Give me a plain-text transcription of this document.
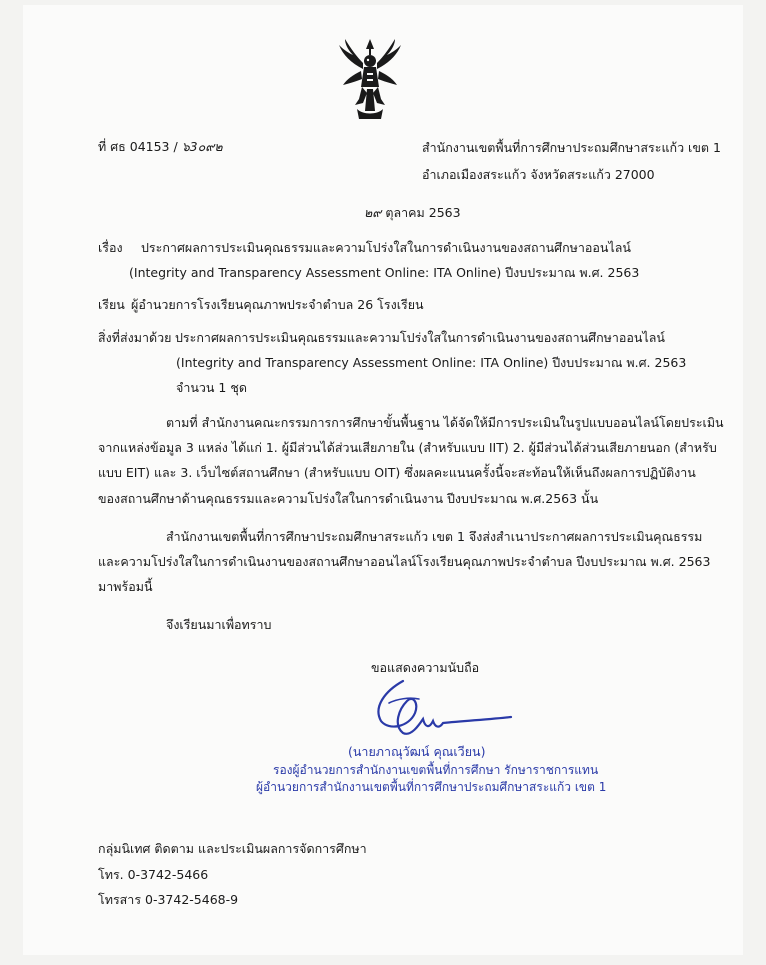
ที่ ศธ 04153 / ๖3๐๙๒	สำนักงานเขตพื้นที่การศึกษาประถมศึกษาสระแก้ว เขต 1
อำเภอเมืองสระแก้ว จังหวัดสระแก้ว 27000
๒๙ ตุลาคม 2563
เรื่อง ประกาศผลการประเมินคุณธรรมและความโปร่งใสในการดำเนินงานของสถานศึกษาออนไลน์
(Integrity and Transparency Assessment Online: ITA Online) ปีงบประมาณ พ.ศ. 2563
เรียน ผู้อำนวยการโรงเรียนคุณภาพประจำตำบล 26 โรงเรียน
สิ่งที่ส่งมาด้วย ประกาศผลการประเมินคุณธรรมและความโปร่งใสในการดำเนินงานของสถานศึกษาออนไลน์
(Integrity and Transparency Assessment Online: ITA Online) ปีงบประมาณ พ.ศ. 2563
จำนวน 1 ชุด
ตามที่ สำนักงานคณะกรรมการการศึกษาขั้นพื้นฐาน ได้จัดให้มีการประเมินในรูปแบบออนไลน์โดยประเมิน
จากแหล่งข้อมูล 3 แหล่ง ได้แก่ 1. ผู้มีส่วนได้ส่วนเสียภายใน (สำหรับแบบ IIT) 2. ผู้มีส่วนได้ส่วนเสียภายนอก (สำหรับ
แบบ EIT) และ 3. เว็บไซต์สถานศึกษา (สำหรับแบบ OIT) ซึ่งผลคะแนนครั้งนี้จะสะท้อนให้เห็นถึงผลการปฏิบัติงาน
ของสถานศึกษาด้านคุณธรรมและความโปร่งใสในการดำเนินงาน ปีงบประมาณ พ.ศ.2563 นั้น
สำนักงานเขตพื้นที่การศึกษาประถมศึกษาสระแก้ว เขต 1 จึงส่งสำเนาประกาศผลการประเมินคุณธรรม
และความโปร่งใสในการดำเนินงานของสถานศึกษาออนไลน์โรงเรียนคุณภาพประจำตำบล ปีงบประมาณ พ.ศ. 2563
มาพร้อมนี้
จึงเรียนมาเพื่อทราบ
ขอแสดงความนับถือ
(นายภาณุวัฒน์ คุณเวียน)
รองผู้อำนวยการสำนักงานเขตพื้นที่การศึกษา รักษาราชการแทน
ผู้อำนวยการสำนักงานเขตพื้นที่การศึกษาประถมศึกษาสระแก้ว เขต 1
กลุ่มนิเทศ ติดตาม และประเมินผลการจัดการศึกษา
โทร. 0-3742-5466
โทรสาร 0-3742-5468-9
